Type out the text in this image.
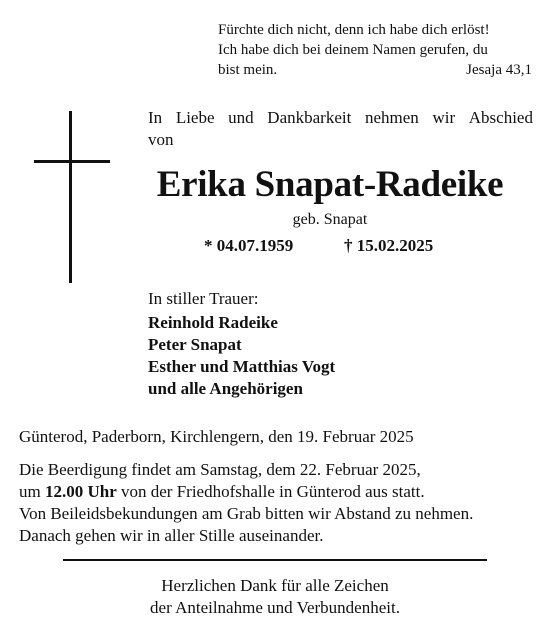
Fürchte dich nicht, denn ich habe dich erlöst!
Ich habe dich bei deinem Namen gerufen, du
bist mein.	Jesaja 43,1
In Liebe und Dankbarkeit nehmen wir Abschied
von
Erika Snapat-Radeike
geb. Snapat
* 04.07.1959	† 15.02.2025
In stiller Trauer:
Reinhold Radeike
Peter Snapat
Esther und Matthias Vogt
und alle Angehörigen
Günterod, Paderborn, Kirchlengern, den 19. Februar 2025
Die Beerdigung findet am Samstag, dem 22. Februar 2025,
um 12.00 Uhr von der Friedhofshalle in Günterod aus statt.
Von Beileidsbekundungen am Grab bitten wir Abstand zu nehmen.
Danach gehen wir in aller Stille auseinander.
Herzlichen Dank für alle Zeichen
der Anteilnahme und Verbundenheit.
